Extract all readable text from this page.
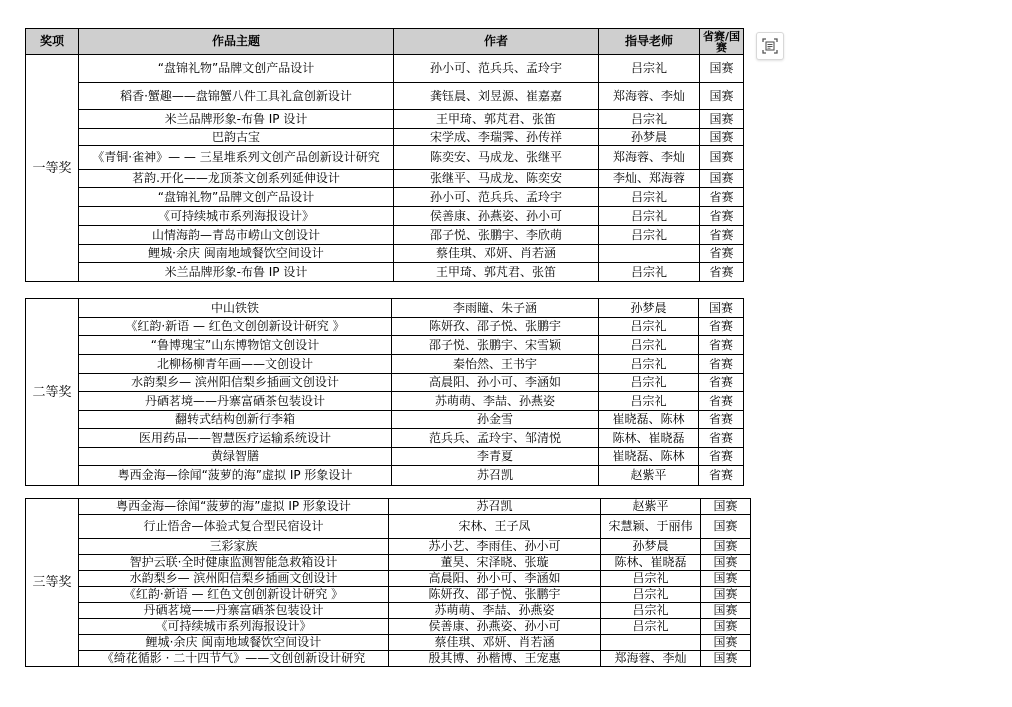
奖项	作品主题	作者	指导老师	省赛/国赛
一等奖	“盘锦礼物”品牌文创产品设计	孙小可、范兵兵、孟玲宇	吕宗礼	国赛
	稻香·蟹趣——盘锦蟹八件工具礼盒创新设计	龚钰晨、刘昱源、崔嘉嘉	郑海蓉、李灿	国赛
	米兰品牌形象-布鲁 IP 设计	王甲琦、郭芃君、张笛	吕宗礼	国赛
	巴韵古宝	宋学成、李瑞霁、孙传祥	孙梦晨	国赛
	《青铜·雀神》— — 三星堆系列文创产品创新设计研究	陈奕安、马成龙、张继平	郑海蓉、李灿	国赛
	茗韵.开化——龙顶茶文创系列延伸设计	张继平、马成龙、陈奕安	李灿、郑海蓉	国赛
	“盘锦礼物”品牌文创产品设计	孙小可、范兵兵、孟玲宇	吕宗礼	省赛
	《可持续城市系列海报设计》	侯善康、孙燕姿、孙小可	吕宗礼	省赛
	山情海韵—青岛市崂山文创设计	邵子悦、张鹏宇、李欣萌	吕宗礼	省赛
	鲤城·余庆 闽南地域餐饮空间设计	蔡佳琪、邓妍、肖若涵		省赛
	米兰品牌形象-布鲁 IP 设计	王甲琦、郭芃君、张笛	吕宗礼	省赛
二等奖	中山铁铁	李雨瞳、朱子涵	孙梦晨	国赛
	《红韵·新语 — 红色文创创新设计研究 》	陈妍孜、邵子悦、张鹏宇	吕宗礼	省赛
	“鲁博瑰宝”山东博物馆文创设计	邵子悦、张鹏宇、宋雪颖	吕宗礼	省赛
	北柳杨柳青年画——文创设计	秦怡然、王书宇	吕宗礼	省赛
	水韵梨乡— 滨州阳信梨乡插画文创设计	高晨阳、孙小可、李涵如	吕宗礼	省赛
	丹硒茗境——丹寨富硒茶包装设计	苏萌萌、李喆、孙燕姿	吕宗礼	省赛
	翻转式结构创新行李箱	孙金雪	崔晓磊、陈林	省赛
	医用药品——智慧医疗运输系统设计	范兵兵、孟玲宇、邹清悦	陈林、崔晓磊	省赛
	黄绿智膳	李青夏	崔晓磊、陈林	省赛
	粤西金海—徐闻“菠萝的海”虚拟 IP 形象设计	苏召凯	赵紫平	省赛
三等奖	粤西金海—徐闻“菠萝的海”虚拟 IP 形象设计	苏召凯	赵紫平	国赛
	行止悟舍—体验式复合型民宿设计	宋林、王子凤	宋慧颖、于丽伟	国赛
	三彩家族	苏小艺、李雨佳、孙小可	孙梦晨	国赛
	智护云联·全时健康监测智能急救箱设计	董昊、宋泽晓、张璇	陈林、崔晓磊	国赛
	水韵梨乡— 滨州阳信梨乡插画文创设计	高晨阳、孙小可、李涵如	吕宗礼	国赛
	《红韵·新语 — 红色文创创新设计研究 》	陈妍孜、邵子悦、张鹏宇	吕宗礼	国赛
	丹硒茗境——丹寨富硒茶包装设计	苏萌萌、李喆、孙燕姿	吕宗礼	国赛
	《可持续城市系列海报设计》	侯善康、孙燕姿、孙小可	吕宗礼	国赛
	鲤城·余庆 闽南地域餐饮空间设计	蔡佳琪、邓妍、肖若涵		国赛
	《绮花循影 · 二十四节气》——文创创新设计研究	殷其博、孙楷博、王宠惠	郑海蓉、李灿	国赛
